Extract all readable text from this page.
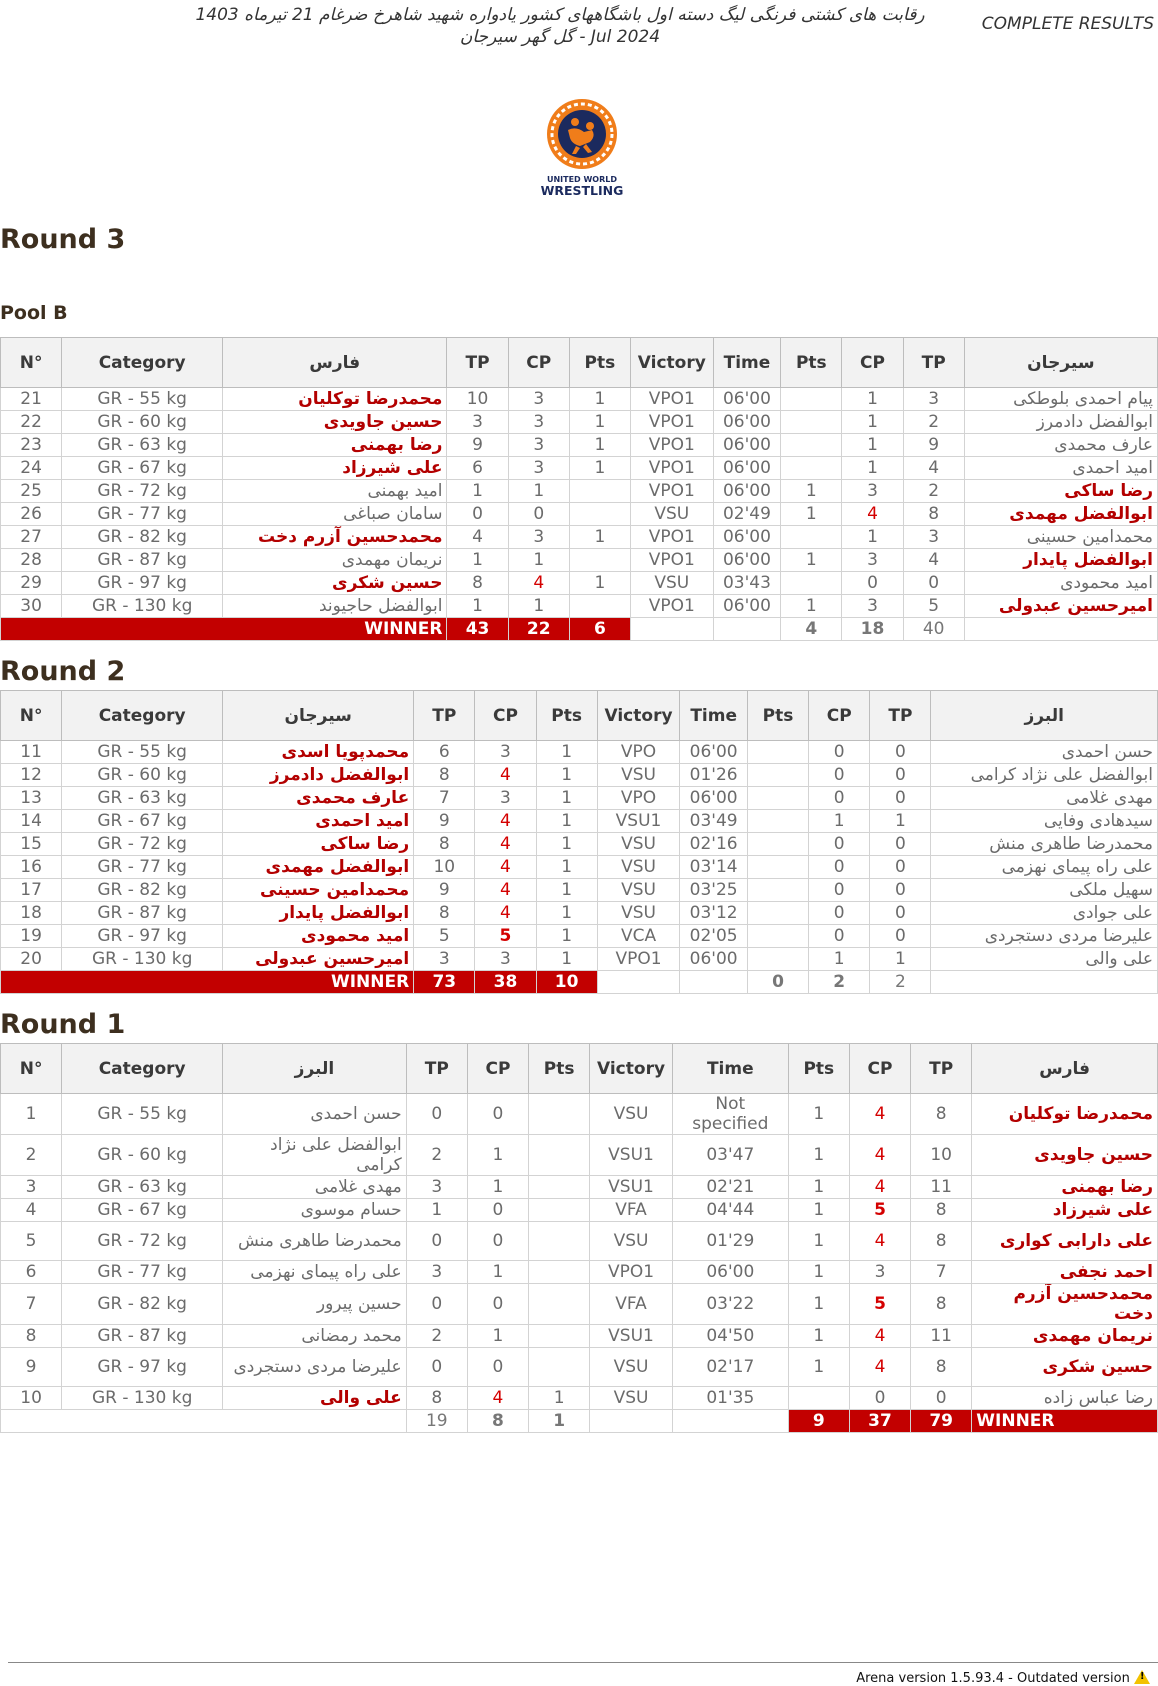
رقابت های کشتی فرنگی لیگ دسته اول باشگاههای کشور یادواره شهید شاهرخ ضرغام 21 تیرماه 1403
گل گهر سیرجان - Jul 2024
COMPLETE RESULTS
UNITED WORLD
WRESTLING
Round 3
Pool B
N°	Category	فارس	TP	CP	Pts	Victory	Time	Pts	CP	TP	سیرجان
21	GR - 55 kg	محمدرضا توکلیان	10	3	1	VPO1	06'00		1	3	پیام احمدی بلوطکی
22	GR - 60 kg	حسین جاویدی	3	3	1	VPO1	06'00		1	2	ابوالفضل دادمرز
23	GR - 63 kg	رضا بهمنی	9	3	1	VPO1	06'00		1	9	عارف محمدی
24	GR - 67 kg	علی شیرزاد	6	3	1	VPO1	06'00		1	4	امید احمدی
25	GR - 72 kg	امید بهمنی	1	1		VPO1	06'00	1	3	2	رضا ساکی
26	GR - 77 kg	سامان صباغی	0	0		VSU	02'49	1	4	8	ابوالفضل مهمدی
27	GR - 82 kg	محمدحسین آزرم دخت	4	3	1	VPO1	06'00		1	3	محمدامین حسینی
28	GR - 87 kg	نریمان مهمدی	1	1		VPO1	06'00	1	3	4	ابوالفضل پایدار
29	GR - 97 kg	حسین شکری	8	4	1	VSU	03'43		0	0	امید محمودی
30	GR - 130 kg	ابوالفضل حاجیوند	1	1		VPO1	06'00	1	3	5	امیرحسین عبدولی
WINNER			43	22	6			4	18	40	
Round 2
N°	Category	سیرجان	TP	CP	Pts	Victory	Time	Pts	CP	TP	البرز
11	GR - 55 kg	محمدپویا اسدی	6	3	1	VPO	06'00		0	0	حسن احمدی
12	GR - 60 kg	ابوالفضل دادمرز	8	4	1	VSU	01'26		0	0	ابوالفضل علی نژاد کرامی
13	GR - 63 kg	عارف محمدی	7	3	1	VPO	06'00		0	0	مهدی غلامی
14	GR - 67 kg	امید احمدی	9	4	1	VSU1	03'49		1	1	سیدهادی وفایی
15	GR - 72 kg	رضا ساکی	8	4	1	VSU	02'16		0	0	محمدرضا طاهری منش
16	GR - 77 kg	ابوالفضل مهمدی	10	4	1	VSU	03'14		0	0	علی راه پیمای نهزمی
17	GR - 82 kg	محمدامین حسینی	9	4	1	VSU	03'25		0	0	سهیل ملکی
18	GR - 87 kg	ابوالفضل پایدار	8	4	1	VSU	03'12		0	0	علی جوادی
19	GR - 97 kg	امید محمودی	5	5	1	VCA	02'05		0	0	علیرضا مردی دستجردی
20	GR - 130 kg	امیرحسین عبدولی	3	3	1	VPO1	06'00		1	1	علی والی
WINNER			73	38	10			0	2	2	
Round 1
N°	Category	البرز	TP	CP	Pts	Victory	Time	Pts	CP	TP	فارس
1	GR - 55 kg	حسن احمدی	0	0		VSU	Not specified	1	4	8	محمدرضا توکلیان
2	GR - 60 kg	ابوالفضل علی نژاد کرامی	2	1		VSU1	03'47	1	4	10	حسین جاویدی
3	GR - 63 kg	مهدی غلامی	3	1		VSU1	02'21	1	4	11	رضا بهمنی
4	GR - 67 kg	حسام موسوی	1	0		VFA	04'44	1	5	8	علی شیرزاد
5	GR - 72 kg	محمدرضا طاهری منش	0	0		VSU	01'29	1	4	8	علی دارابی کواری
6	GR - 77 kg	علی راه پیمای نهزمی	3	1		VPO1	06'00	1	3	7	احمد نجفی
7	GR - 82 kg	حسین پیرور	0	0		VFA	03'22	1	5	8	محمدحسین آزرم دخت
8	GR - 87 kg	محمد رمضانی	2	1		VSU1	04'50	1	4	11	نریمان مهمدی
9	GR - 97 kg	علیرضا مردی دستجردی	0	0		VSU	02'17	1	4	8	حسین شکری
10	GR - 130 kg	علی والی	8	4	1	VSU	01'35		0	0	رضا عباس زاده
			19	8	1			9	37	79	WINNER
Arena version 1.5.93.4 - Outdated version !
